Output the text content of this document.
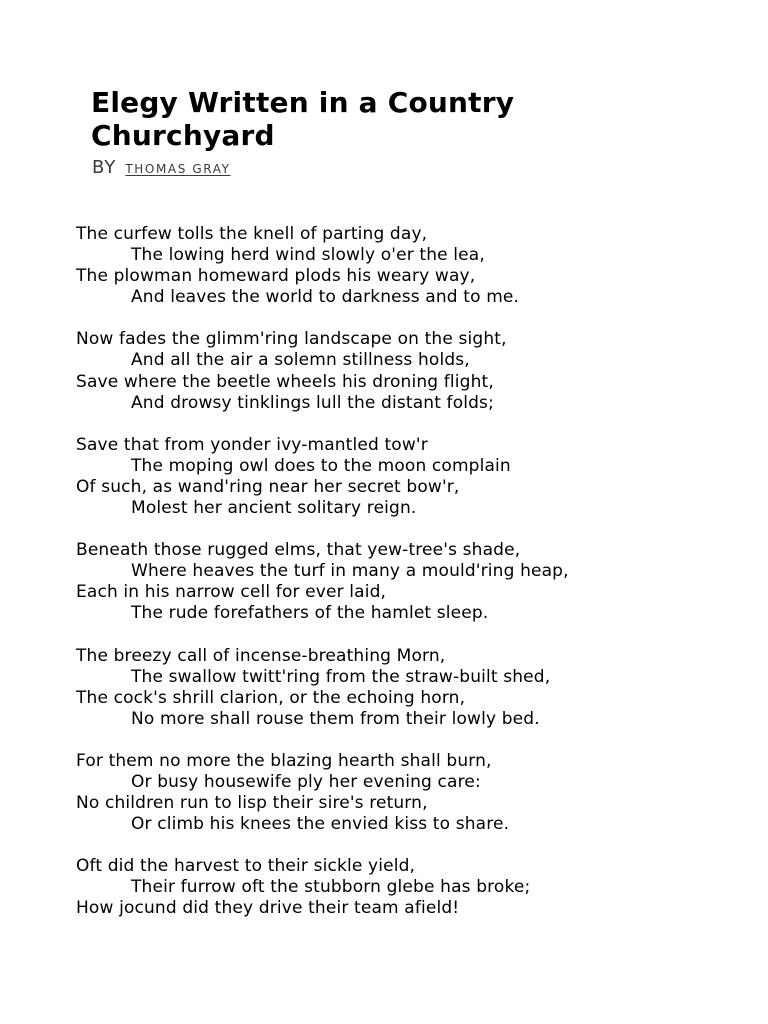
Elegy Written in a Country Churchyard
BY THOMAS GRAY
The curfew tolls the knell of parting day,
The lowing herd wind slowly o'er the lea,
The plowman homeward plods his weary way,
And leaves the world to darkness and to me.
Now fades the glimm'ring landscape on the sight,
And all the air a solemn stillness holds,
Save where the beetle wheels his droning flight,
And drowsy tinklings lull the distant folds;
Save that from yonder ivy-mantled tow'r
The moping owl does to the moon complain
Of such, as wand'ring near her secret bow'r,
Molest her ancient solitary reign.
Beneath those rugged elms, that yew-tree's shade,
Where heaves the turf in many a mould'ring heap,
Each in his narrow cell for ever laid,
The rude forefathers of the hamlet sleep.
The breezy call of incense-breathing Morn,
The swallow twitt'ring from the straw-built shed,
The cock's shrill clarion, or the echoing horn,
No more shall rouse them from their lowly bed.
For them no more the blazing hearth shall burn,
Or busy housewife ply her evening care:
No children run to lisp their sire's return,
Or climb his knees the envied kiss to share.
Oft did the harvest to their sickle yield,
Their furrow oft the stubborn glebe has broke;
How jocund did they drive their team afield!
